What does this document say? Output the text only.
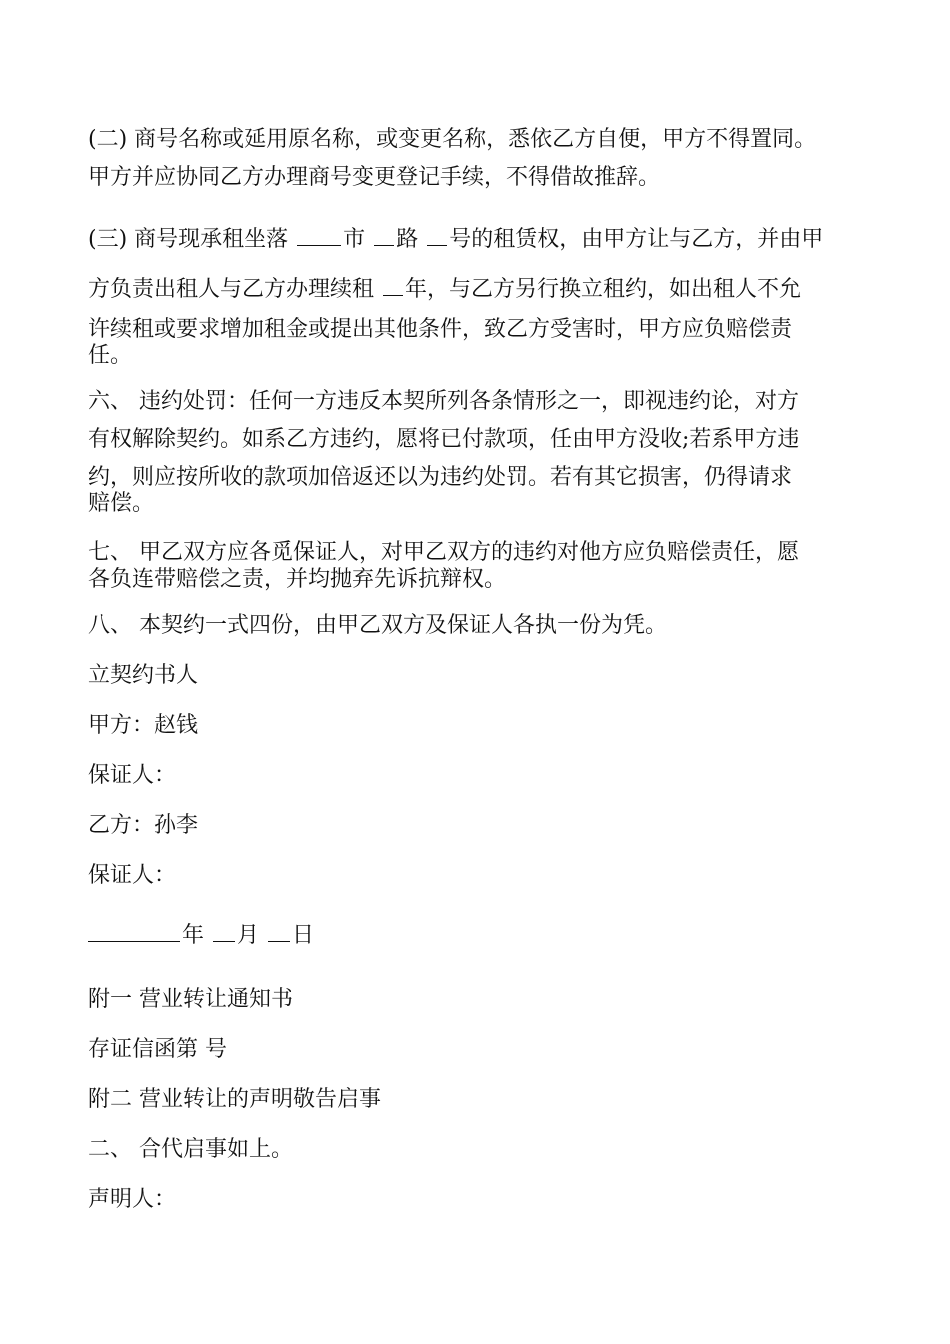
(二) 商号名称或延用原名称，或变更名称，悉依乙方自便，甲方不得置同。
甲方并应协同乙方办理商号变更登记手续，不得借故推辞。
(三) 商号现承租坐落	市 路 号的租赁权，由甲方让与乙方，并由甲
方负责出租人与乙方办理续租 年，与乙方另行换立租约，如出租人不允
许续租或要求增加租金或提出其他条件，致乙方受害时，甲方应负赔偿责
任。
六、 违约处罚：任何一方违反本契所列各条情形之一，即视违约论，对方
有权解除契约。如系乙方违约，愿将已付款项，任由甲方没收;若系甲方违
约，则应按所收的款项加倍返还以为违约处罚。若有其它损害，仍得请求
赔偿。
七、 甲乙双方应各觅保证人，对甲乙双方的违约对他方应负赔偿责任，愿
各负连带赔偿之责，并均抛弃先诉抗辩权。
八、 本契约一式四份，由甲乙双方及保证人各执一份为凭。
立契约书人
甲方：赵钱
保证人：
乙方：孙李
保证人：
年 月 日
附一 营业转让通知书
存证信函第 号
附二 营业转让的声明敬告启事
二、 合代启事如上。
声明人：
